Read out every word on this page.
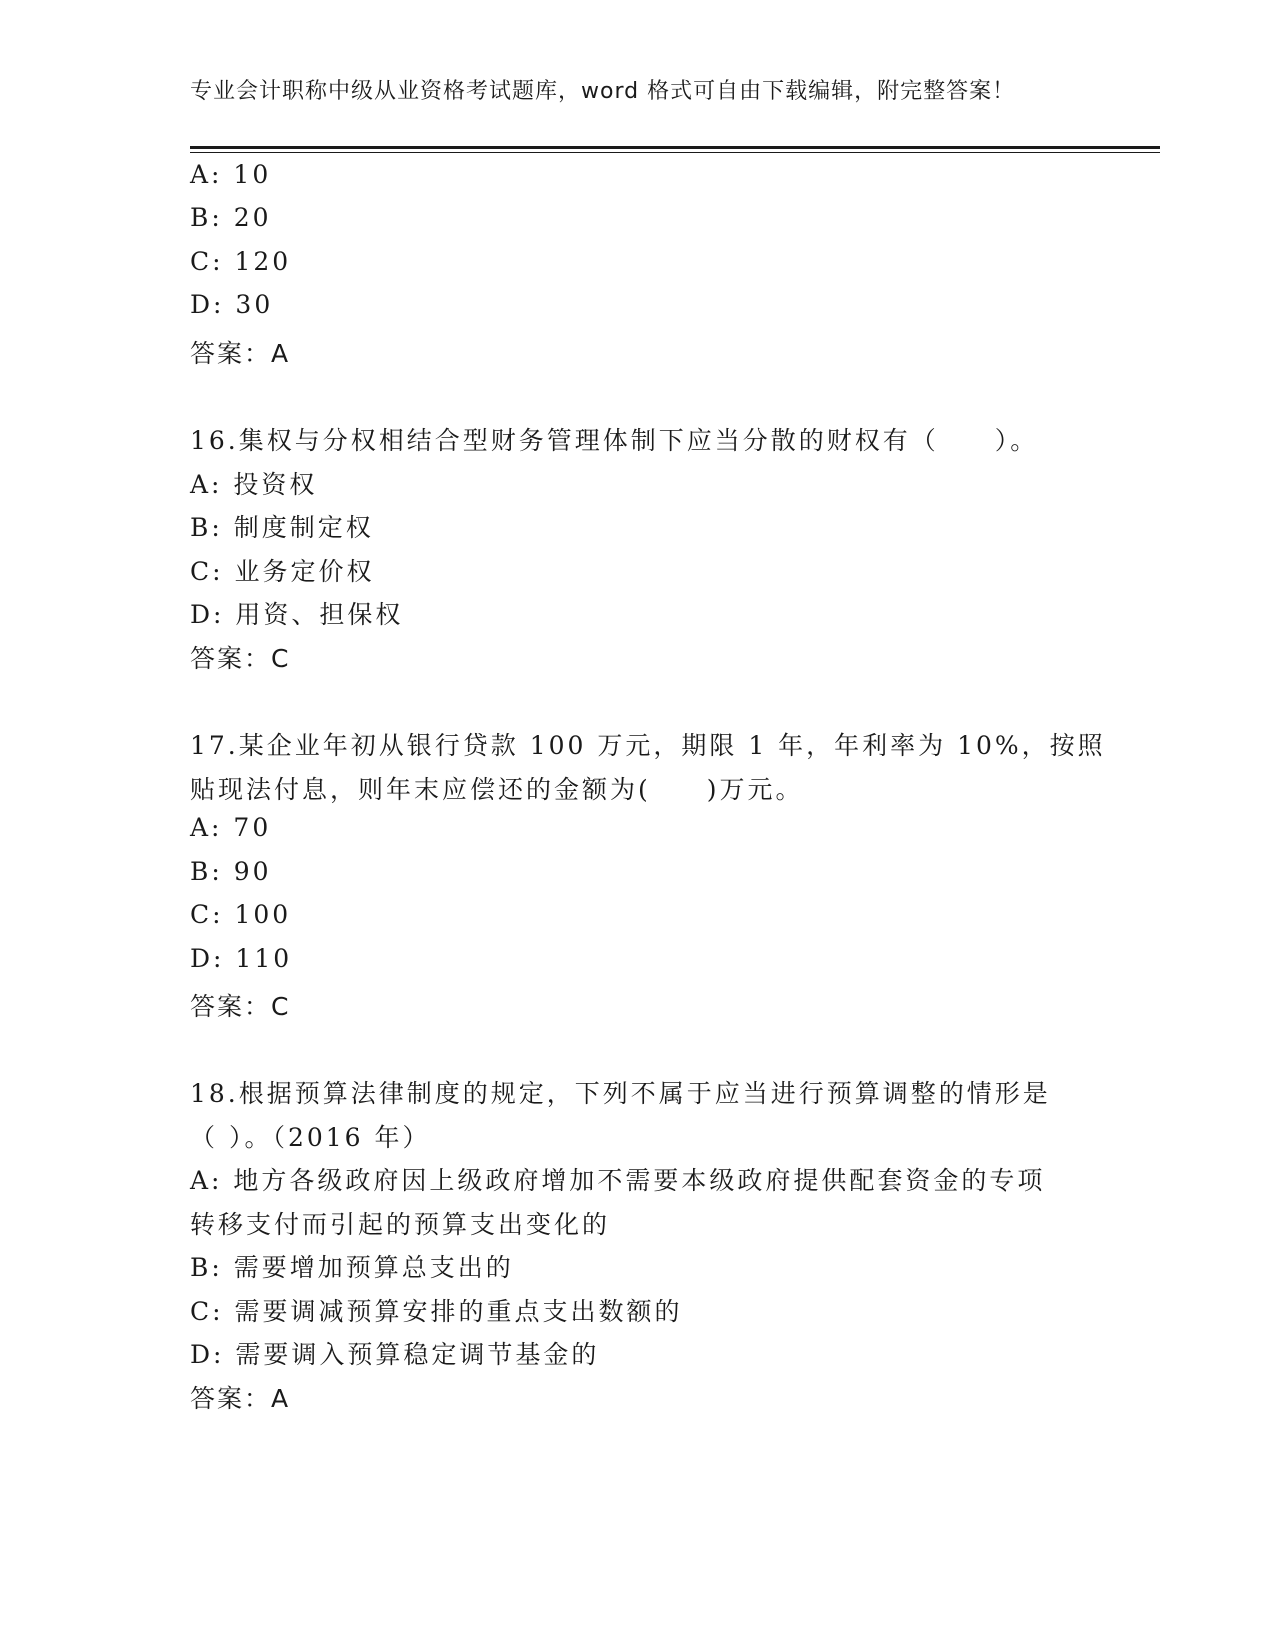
专业会计职称中级从业资格考试题库，word 格式可自由下载编辑，附完整答案！
A: 10
B: 20
C: 120
D: 30
答案：A
16.集权与分权相结合型财务管理体制下应当分散的财权有（　　）。
A: 投资权
B: 制度制定权
C: 业务定价权
D: 用资、担保权
答案：C
17.某企业年初从银行贷款 100 万元，期限 1 年，年利率为 10%，按照
贴现法付息，则年末应偿还的金额为(　　)万元。
A: 70
B: 90
C: 100
D: 110
答案：C
18.根据预算法律制度的规定，下列不属于应当进行预算调整的情形是
（ ）。（2016 年）
A: 地方各级政府因上级政府增加不需要本级政府提供配套资金的专项
转移支付而引起的预算支出变化的
B: 需要增加预算总支出的
C: 需要调减预算安排的重点支出数额的
D: 需要调入预算稳定调节基金的
答案：A
